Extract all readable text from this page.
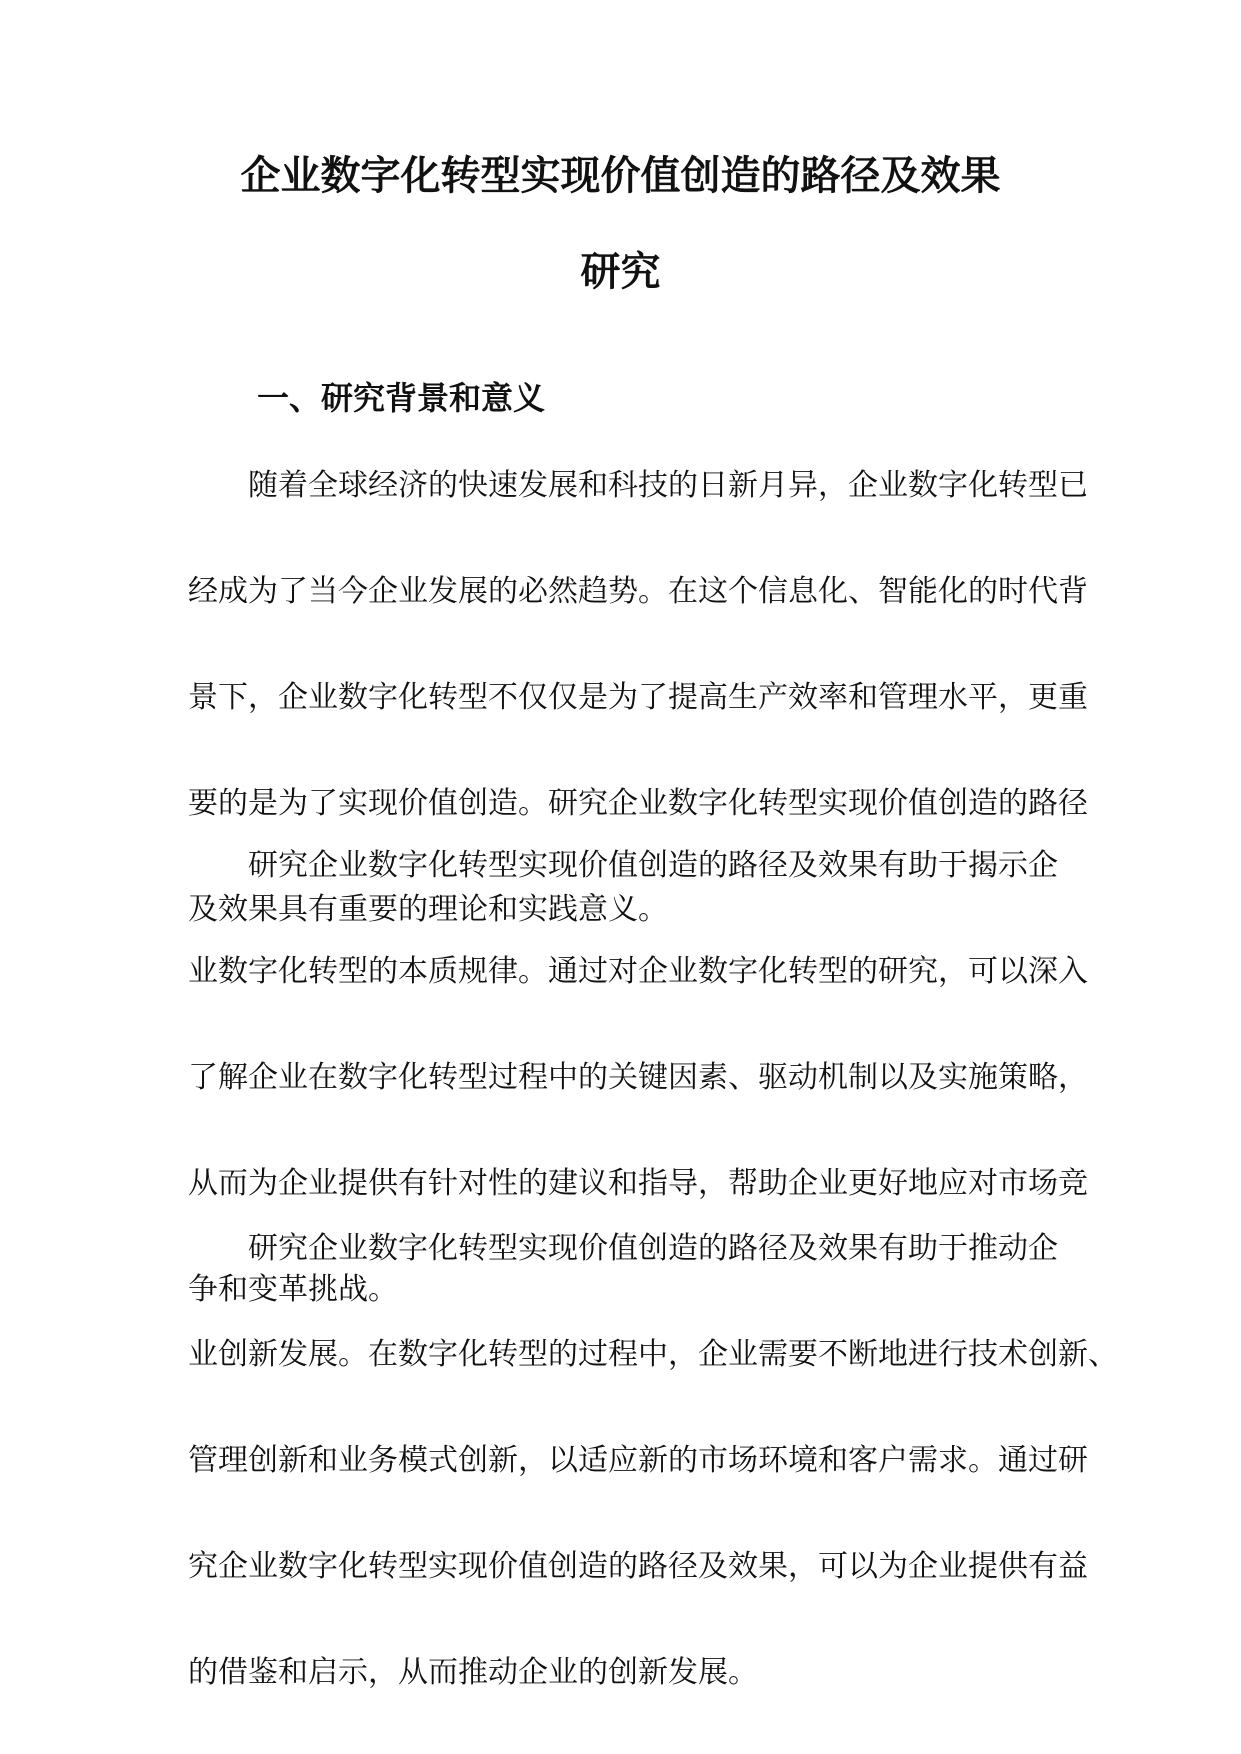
企业数字化转型实现价值创造的路径及效果
研究
一、研究背景和意义
随着全球经济的快速发展和科技的日新月异，企业数字化转型已
经成为了当今企业发展的必然趋势。在这个信息化、智能化的时代背
景下，企业数字化转型不仅仅是为了提高生产效率和管理水平，更重
要的是为了实现价值创造。研究企业数字化转型实现价值创造的路径
及效果具有重要的理论和实践意义。
研究企业数字化转型实现价值创造的路径及效果有助于揭示企
业数字化转型的本质规律。通过对企业数字化转型的研究，可以深入
了解企业在数字化转型过程中的关键因素、驱动机制以及实施策略，
从而为企业提供有针对性的建议和指导，帮助企业更好地应对市场竞
争和变革挑战。
研究企业数字化转型实现价值创造的路径及效果有助于推动企
业创新发展。在数字化转型的过程中，企业需要不断地进行技术创新、
管理创新和业务模式创新，以适应新的市场环境和客户需求。通过研
究企业数字化转型实现价值创造的路径及效果，可以为企业提供有益
的借鉴和启示，从而推动企业的创新发展。
